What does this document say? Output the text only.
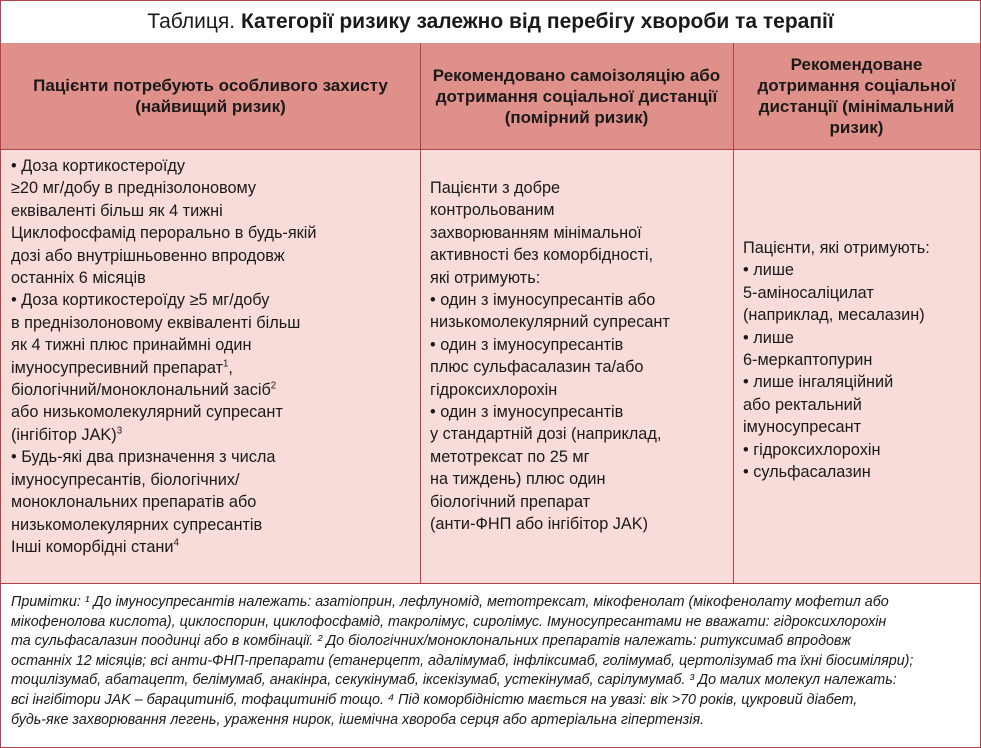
Таблиця. Категорії ризику залежно від перебігу хвороби та терапії
Пацієнти потребують особливого захисту (найвищий ризик)
Рекомендовано самоізоляцію або дотримання соціальної дистанції (помірний ризик)
Рекомендоване дотримання соціальної дистанції (мінімальний ризик)
• Доза кортикостероїду
≥20 мг/добу в преднізолоновому
еквіваленті більш як 4 тижні
Циклофосфамід перорально в будь-якій
дозі або внутрішньовенно впродовж
останніх 6 місяців
• Доза кортикостероїду ≥5 мг/добу
в преднізолоновому еквіваленті більш
як 4 тижні плюс принаймні один
імуносупресивний препарат$^1$,
біологічний/моноклональний засіб$^2$
або низькомолекулярний супресант
(інгібітор JAK)$^3$
• Будь-які два призначення з числа
імуносупресантів, біологічних/
моноклональних препаратів або
низькомолекулярних супресантів
Інші коморбідні стани$^4$
Пацієнти з добре
контрольованим
захворюванням мінімальної
активності без коморбідності,
які отримують:
• один з імуносупресантів або
низькомолекулярний супресант
• один з імуносупресантів
плюс сульфасалазин та/або
гідроксихлорохін
• один з імуносупресантів
у стандартній дозі (наприклад,
метотрексат по 25 мг
на тиждень) плюс один
біологічний препарат
(анти-ФНП або інгібітор JAK)
Пацієнти, які отримують:
• лише
5-аміносаліцилат
(наприклад, месалазин)
• лише
6-меркаптопурин
• лише інгаляційний
або ректальний
імуносупресант
• гідроксихлорохін
• сульфасалазин
Примітки: ¹ До імуносупресантів належать: азатіоприн, лефлуномід, метотрексат, мікофенолат (мікофенолату мофетил або
мікофенолова кислота), циклоспорин, циклофосфамід, такролімус, сиролімус. Імуносупресантами не вважати: гідроксихлорохін
та сульфасалазин поодинці або в комбінації. ² До біологічних/моноклональних препаратів належать: ритуксимаб впродовж
останніх 12 місяців; всі анти-ФНП-препарати (етанерцепт, адалімумаб, інфліксимаб, голімумаб, цертолізумаб та їхні біосиміляри);
тоцилізумаб, абатацепт, белімумаб, анакінра, секукінумаб, іксекізумаб, устекінумаб, сарілумумаб. ³ До малих молекул належать:
всі інгібітори JAK – барацитиніб, тофацитиніб тощо. ⁴ Під коморбідністю мається на увазі: вік >70 років, цукровий діабет,
будь-яке захворювання легень, ураження нирок, ішемічна хвороба серця або артеріальна гіпертензія.
